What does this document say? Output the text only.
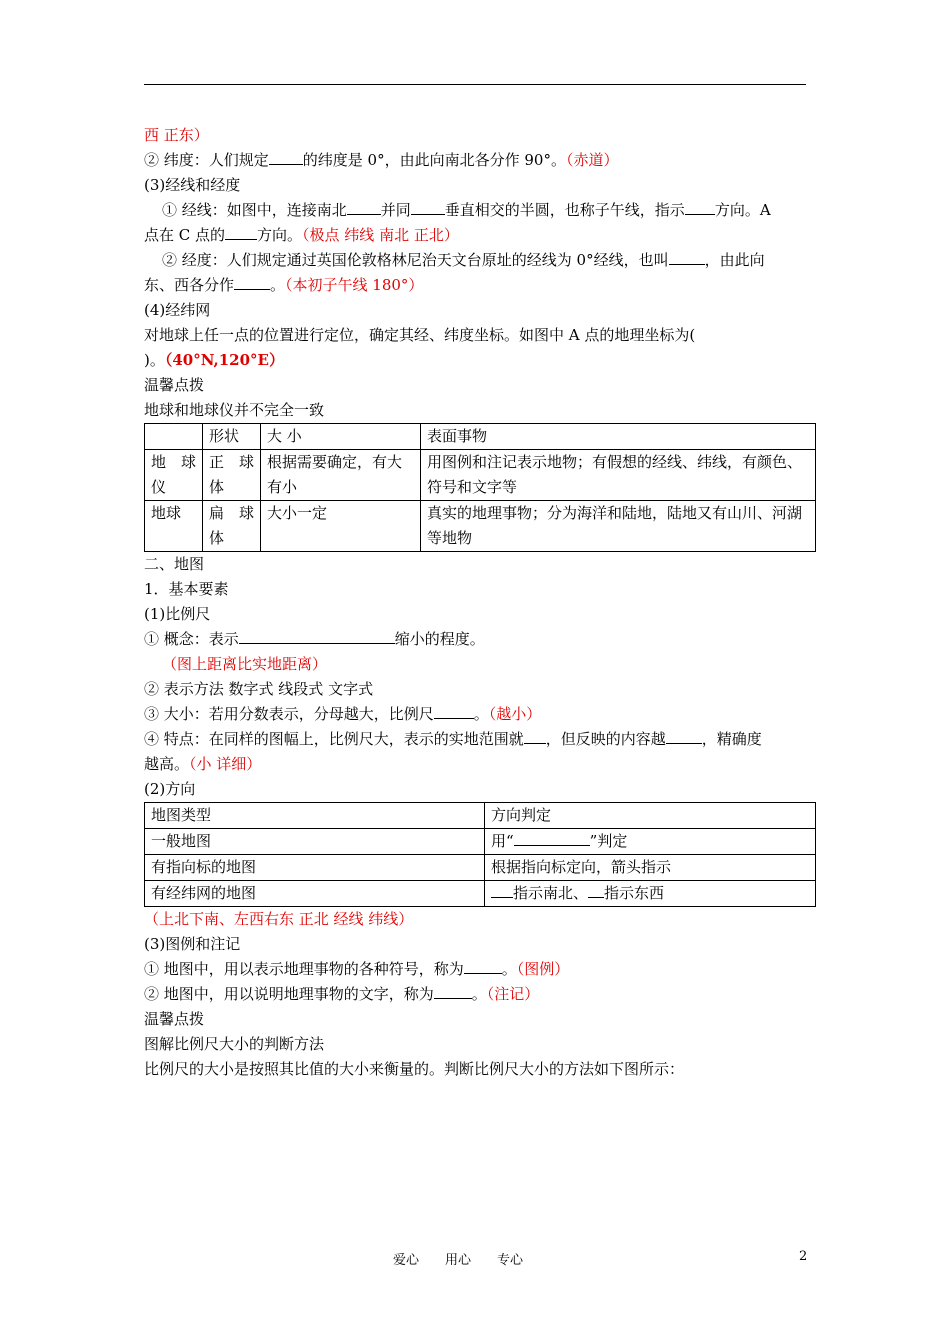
西 正东）
② 纬度：人们规定 的纬度是 0°，由此向南北各分作 90°。（赤道）
(3)经线和经度
① 经线：如图中，连接南北 并同 垂直相交的半圆，也称子午线，指示 方向。A
点在 C 点的 方向。（极点 纬线 南北 正北）
② 经度：人们规定通过英国伦敦格林尼治天文台原址的经线为 0°经线，也叫 ，由此向
东、西各分作 。（本初子午线 180°）
(4)经纬网
对地球上任一点的位置进行定位，确定其经、纬度坐标。如图中 A 点的地理坐标为(
)。（40°N,120°E）
温馨点拨
地球和地球仪并不完全一致
	形状	大 小	表面事物
地 球 仪	正 球 体	根据需要确定，有大有小	用图例和注记表示地物；有假想的经线、纬线，有颜色、符号和文字等
地球	扁 球 体	大小一定	真实的地理事物；分为海洋和陆地，陆地又有山川、河湖等地物
二、地图
1．基本要素
(1)比例尺
① 概念：表示	缩小的程度。
（图上距离比实地距离）
② 表示方法 数字式 线段式 文字式
③ 大小：若用分数表示，分母越大，比例尺	。（越小）
④ 特点：在同样的图幅上，比例尺大，表示的实地范围就 ，但反映的内容越 ，精确度
越高。（小 详细）
(2)方向
地图类型	方向判定
一般地图	用“ ”判定
有指向标的地图	根据指向标定向，箭头指示
有经纬网的地图	指示南北、 指示东西
（上北下南、左西右东 正北 经线 纬线）
(3)图例和注记
① 地图中，用以表示地理事物的各种符号，称为	。（图例）
② 地图中，用以说明地理事物的文字，称为	。（注记）
温馨点拨
图解比例尺大小的判断方法
比例尺的大小是按照其比值的大小来衡量的。判断比例尺大小的方法如下图所示：
爱心 用心 专心	2
